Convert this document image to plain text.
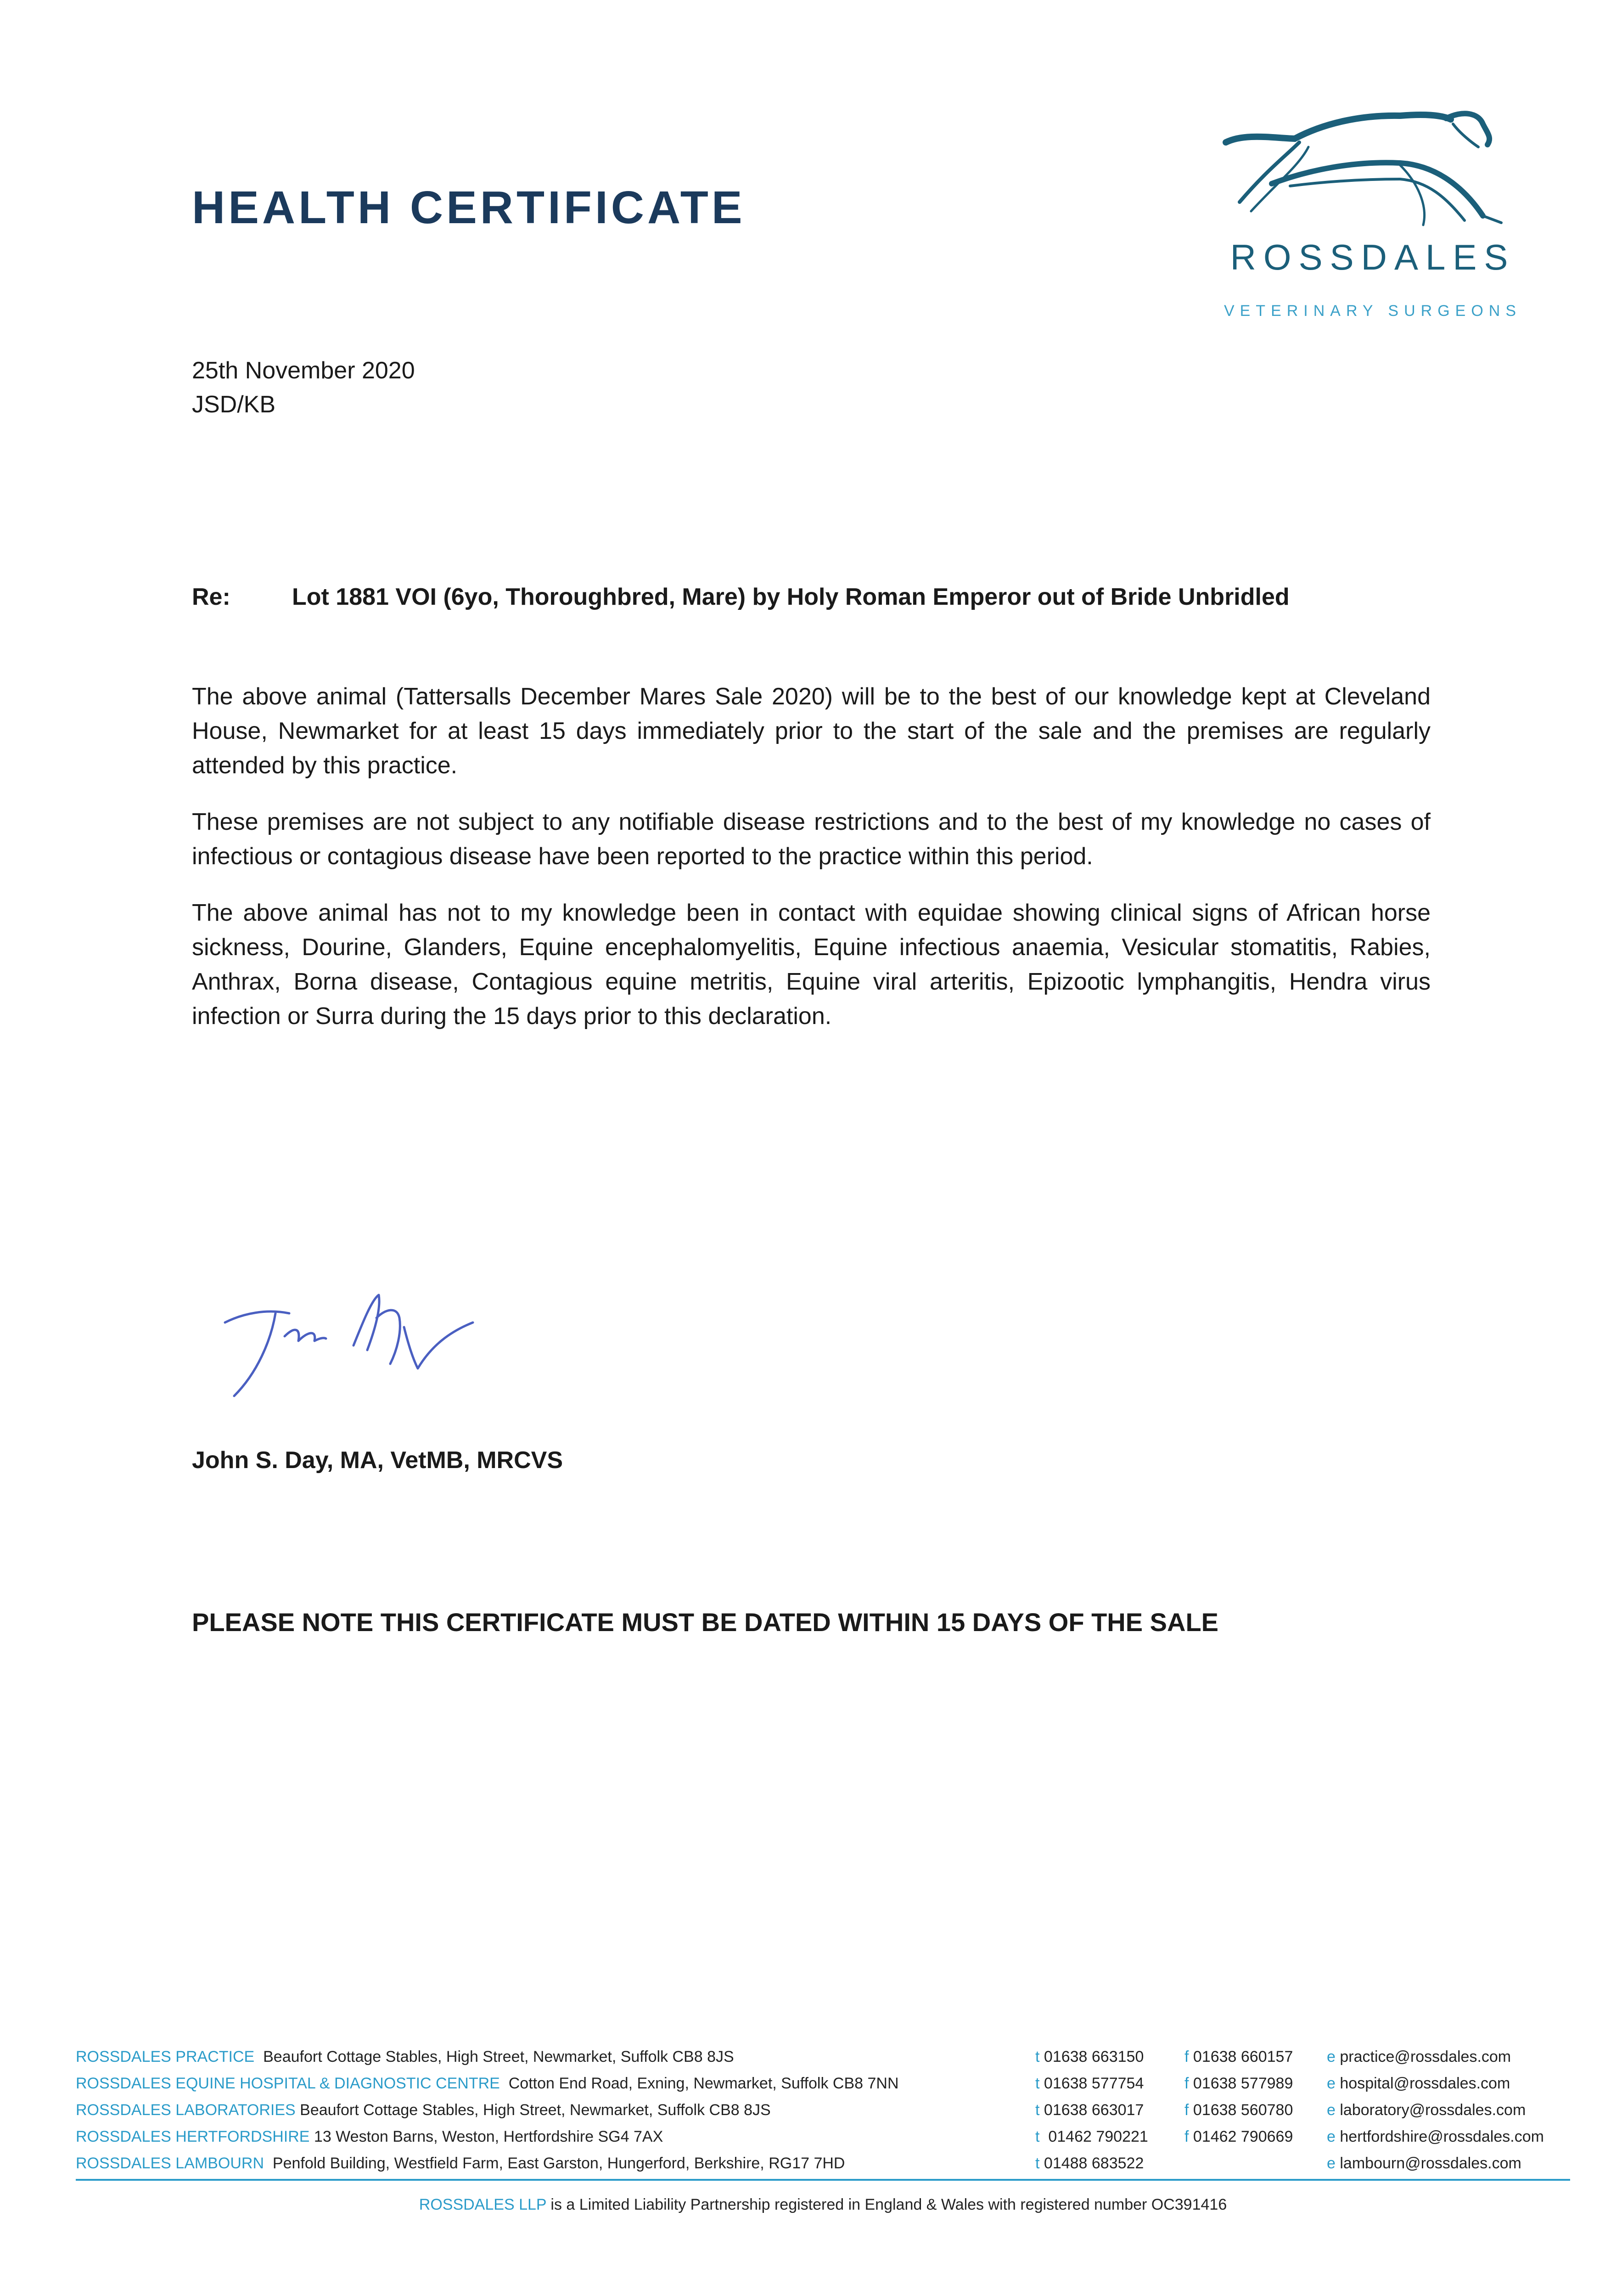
HEALTH CERTIFICATE
ROSSDALES
VETERINARY SURGEONS
25th November 2020
JSD/KB
Re:	Lot 1881 VOI (6yo, Thoroughbred, Mare) by Holy Roman Emperor out of Bride Unbridled

The above animal (Tattersalls December Mares Sale 2020) will be to the best of our knowledge kept at Cleveland House, Newmarket for at least 15 days immediately prior to the start of the sale and the premises are regularly attended by this practice.

These premises are not subject to any notifiable disease restrictions and to the best of my knowledge no cases of infectious or contagious disease have been reported to the practice within this period.

The above animal has not to my knowledge been in contact with equidae showing clinical signs of African horse sickness, Dourine, Glanders, Equine encephalomyelitis, Equine infectious anaemia, Vesicular stomatitis, Rabies, Anthrax, Borna disease, Contagious equine metritis, Equine viral arteritis, Epizootic lymphangitis, Hendra virus infection or Surra during the 15 days prior to this declaration.

John S. Day, MA, VetMB, MRCVS
PLEASE NOTE THIS CERTIFICATE MUST BE DATED WITHIN 15 DAYS OF THE SALE
ROSSDALES PRACTICE Beaufort Cottage Stables, High Street, Newmarket, Suffolk CB8 8JS	t 01638 663150	f 01638 660157 e practice@rossdales.com
ROSSDALES EQUINE HOSPITAL & DIAGNOSTIC CENTRE Cotton End Road, Exning, Newmarket, Suffolk CB8 7NN	t 01638 577754	f 01638 577989 e hospital@rossdales.com
ROSSDALES LABORATORIES Beaufort Cottage Stables, High Street, Newmarket, Suffolk CB8 8JS	t 01638 663017	f 01638 560780 e laboratory@rossdales.com
ROSSDALES HERTFORDSHIRE 13 Weston Barns, Weston, Hertfordshire SG4 7AX	t 01462 790221 f 01462 790669 e hertfordshire@rossdales.com
ROSSDALES LAMBOURN Penfold Building, Westfield Farm, East Garston, Hungerford, Berkshire, RG17 7HD	t 01488 683522	e lambourn@rossdales.com
ROSSDALES LLP is a Limited Liability Partnership registered in England & Wales with registered number OC391416
